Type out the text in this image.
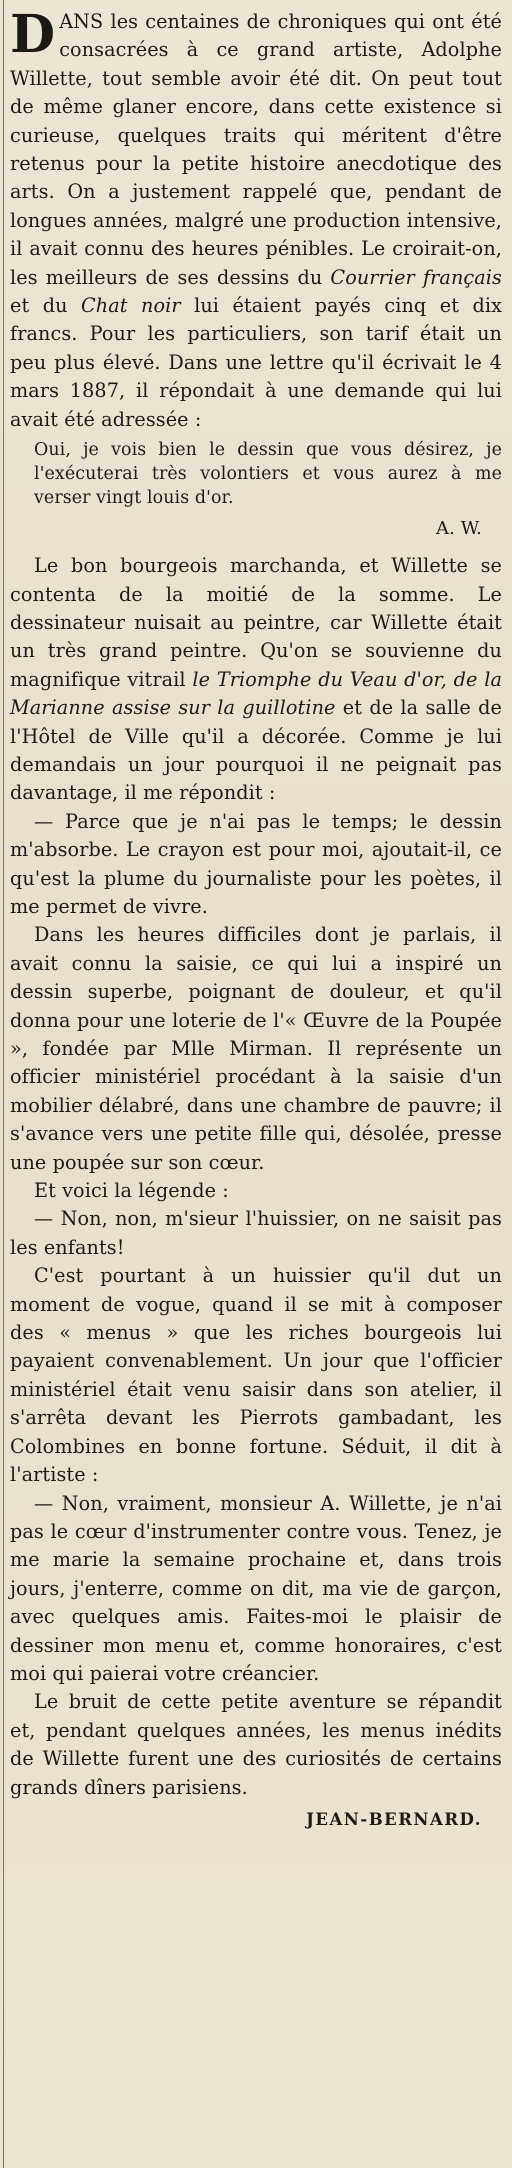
DANS les centaines de chroniques qui ont été consacrées à ce grand artiste, Adolphe Willette, tout semble avoir été dit. On peut tout de même glaner encore, dans cette existence si curieuse, quelques traits qui méritent d'être retenus pour la petite histoire anecdotique des arts. On a justement rappelé que, pendant de longues années, malgré une production intensive, il avait connu des heures pénibles. Le croirait-on, les meilleurs de ses dessins du Courrier français et du Chat noir lui étaient payés cinq et dix francs. Pour les particuliers, son tarif était un peu plus élevé. Dans une lettre qu'il écrivait le 4 mars 1887, il répondait à une demande qui lui avait été adressée :

Oui, je vois bien le dessin que vous désirez, je l'exécuterai très volontiers et vous aurez à me verser vingt louis d'or.
A. W.

Le bon bourgeois marchanda, et Willette se contenta de la moitié de la somme. Le dessinateur nuisait au peintre, car Willette était un très grand peintre. Qu'on se souvienne du magnifique vitrail le Triomphe du Veau d'or, de la Marianne assise sur la guillotine et de la salle de l'Hôtel de Ville qu'il a décorée. Comme je lui demandais un jour pourquoi il ne peignait pas davantage, il me répondit :

— Parce que je n'ai pas le temps; le dessin m'absorbe. Le crayon est pour moi, ajoutait-il, ce qu'est la plume du journaliste pour les poètes, il me permet de vivre.

Dans les heures difficiles dont je parlais, il avait connu la saisie, ce qui lui a inspiré un dessin superbe, poignant de douleur, et qu'il donna pour une loterie de l'« Œuvre de la Poupée », fondée par Mlle Mirman. Il représente un officier ministériel procédant à la saisie d'un mobilier délabré, dans une chambre de pauvre; il s'avance vers une petite fille qui, désolée, presse une poupée sur son cœur.

Et voici la légende :

— Non, non, m'sieur l'huissier, on ne saisit pas les enfants!

C'est pourtant à un huissier qu'il dut un moment de vogue, quand il se mit à composer des « menus » que les riches bourgeois lui payaient convenablement. Un jour que l'officier ministériel était venu saisir dans son atelier, il s'arrêta devant les Pierrots gambadant, les Colombines en bonne fortune. Séduit, il dit à l'artiste :

— Non, vraiment, monsieur A. Willette, je n'ai pas le cœur d'instrumenter contre vous. Tenez, je me marie la semaine prochaine et, dans trois jours, j'enterre, comme on dit, ma vie de garçon, avec quelques amis. Faites-moi le plaisir de dessiner mon menu et, comme honoraires, c'est moi qui paierai votre créancier.

Le bruit de cette petite aventure se répandit et, pendant quelques années, les menus inédits de Willette furent une des curiosités de certains grands dîners parisiens.

JEAN-BERNARD.
